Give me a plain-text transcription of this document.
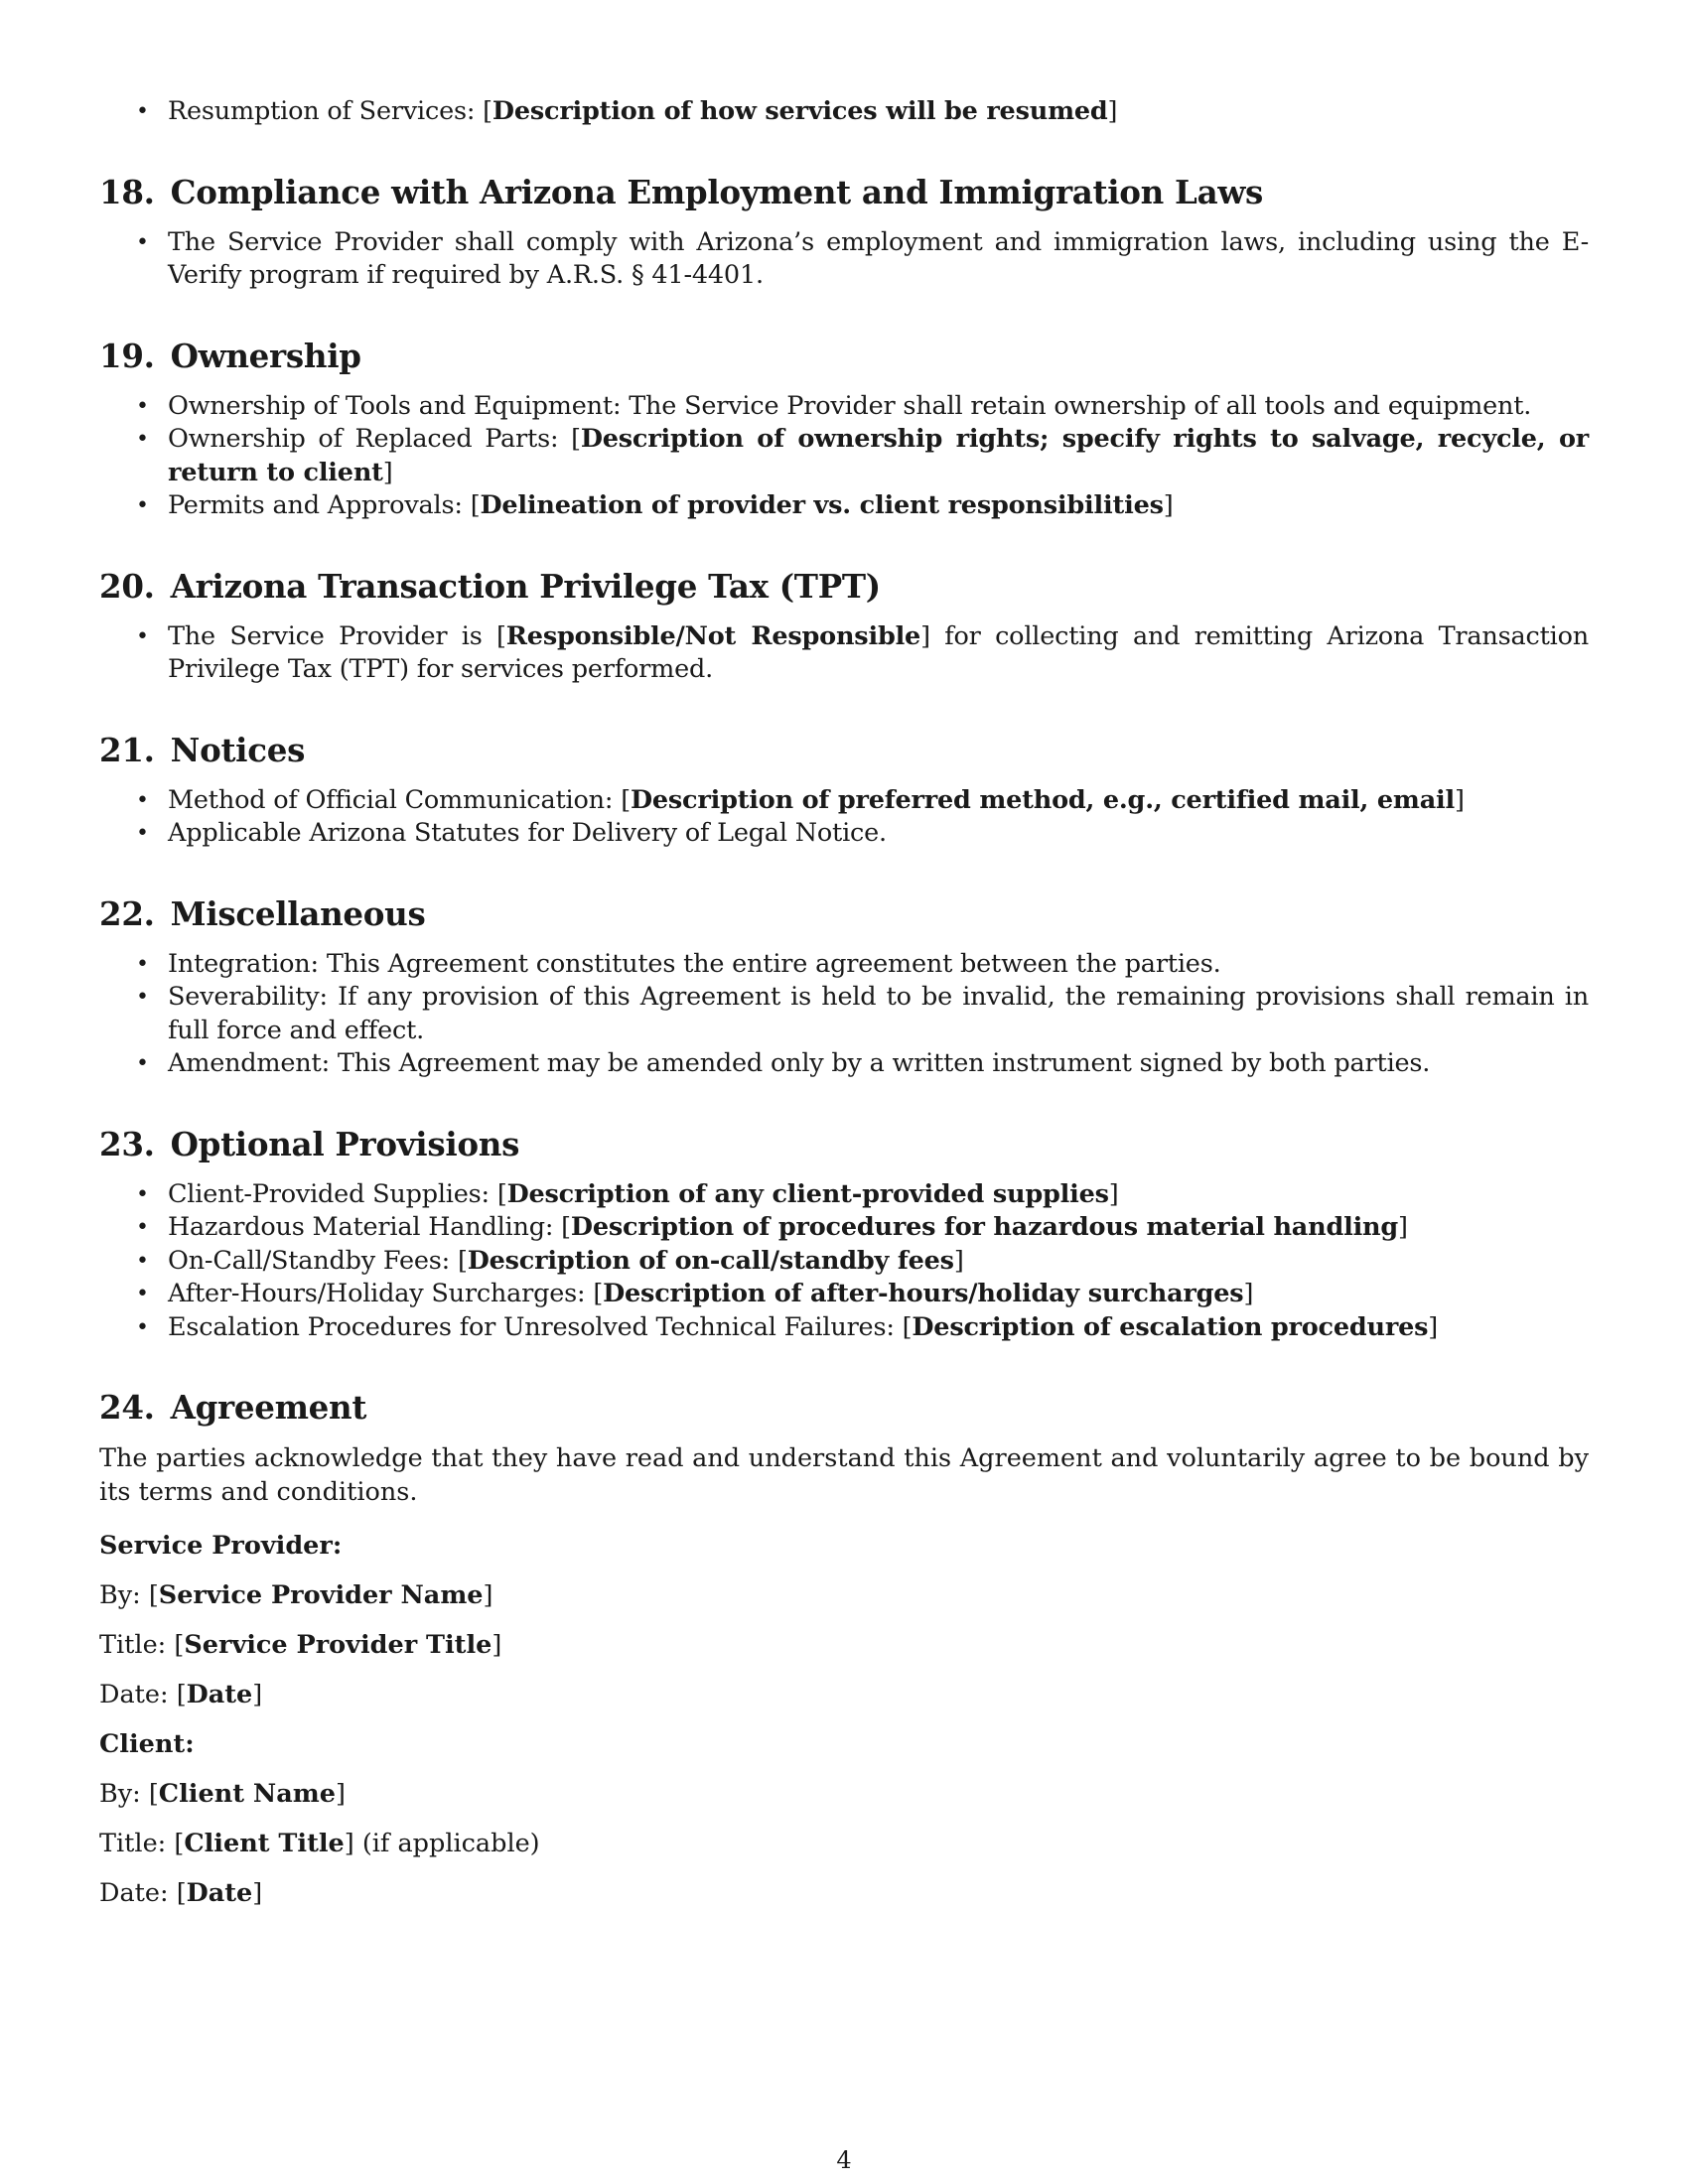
• Resumption of Services: [Description of how services will be resumed]
18. Compliance with Arizona Employment and Immigration Laws
• The Service Provider shall comply with Arizona’s employment and immigration laws, including using the E-Verify program if required by A.R.S. § 41-4401.
19. Ownership
• Ownership of Tools and Equipment: The Service Provider shall retain ownership of all tools and equipment.
• Ownership of Replaced Parts: [Description of ownership rights; specify rights to salvage, recycle, or return to client]
• Permits and Approvals: [Delineation of provider vs. client responsibilities]
20. Arizona Transaction Privilege Tax (TPT)
• The Service Provider is [Responsible/Not Responsible] for collecting and remitting Arizona Transaction Privilege Tax (TPT) for services performed.
21. Notices
• Method of Official Communication: [Description of preferred method, e.g., certified mail, email]
• Applicable Arizona Statutes for Delivery of Legal Notice.
22. Miscellaneous
• Integration: This Agreement constitutes the entire agreement between the parties.
• Severability: If any provision of this Agreement is held to be invalid, the remaining provisions shall remain in full force and effect.
• Amendment: This Agreement may be amended only by a written instrument signed by both parties.
23. Optional Provisions
• Client-Provided Supplies: [Description of any client-provided supplies]
• Hazardous Material Handling: [Description of procedures for hazardous material handling]
• On-Call/Standby Fees: [Description of on-call/standby fees]
• After-Hours/Holiday Surcharges: [Description of after-hours/holiday surcharges]
• Escalation Procedures for Unresolved Technical Failures: [Description of escalation procedures]
24. Agreement

The parties acknowledge that they have read and understand this Agreement and voluntarily agree to be bound by its terms and conditions.

Service Provider:

By: [Service Provider Name]

Title: [Service Provider Title]

Date: [Date]

Client:

By: [Client Name]

Title: [Client Title] (if applicable)

Date: [Date]

4
